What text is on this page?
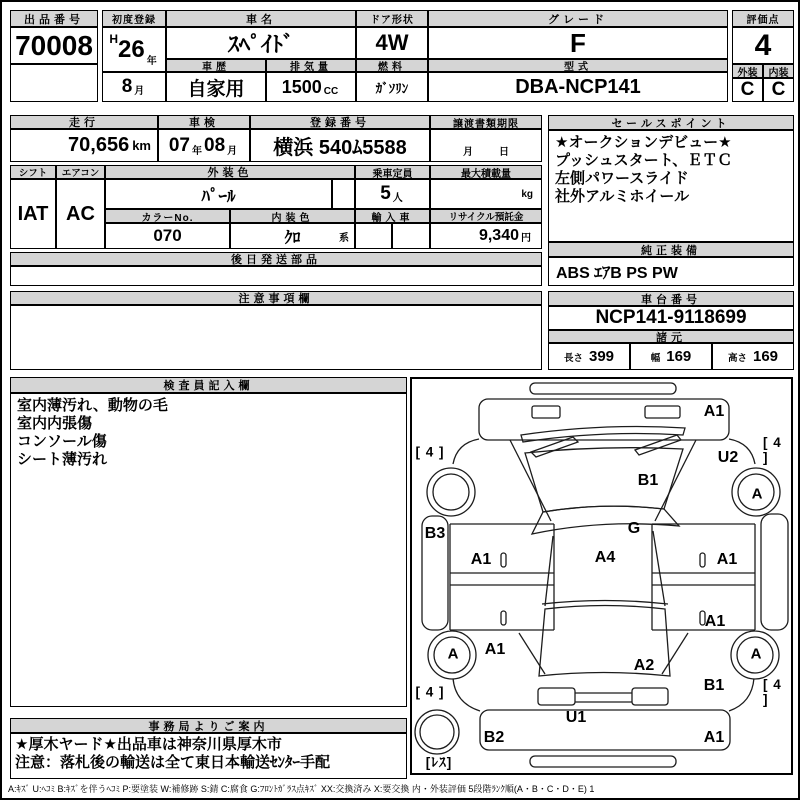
出品番号
70008
初度登録
H 26 年
8 月
車名
ｽﾍﾟｲﾄﾞ
車歴
自家用
排気量
1500 CC
ドア形状
4W
燃料
ｶﾞｿﾘﾝ
グレード
F
型式
DBA-NCP141
評価点
4
外装	内装
C C
走行
70,656 km
車検
07 年 08 月
登録番号
横浜 540ﾑ5588
譲渡書類期限
月	日
シフト
IAT
エアコン
AC
外装色
ﾊﾟｰﾙ
乗車定員
5 人
最大積載量
kg
カラーNo.
070
内装色
ｸﾛ	系
輸入車	リサイクル預託金
9,340 円
後日発送部品
注意事項欄
セールスポイント
★オークションデビュー★
プッシュスタート、ＥＴＣ
左側パワースライド
社外アルミホイール
純正装備
ABS ｴｱB PS PW
車台番号
NCP141-9118699
諸元
長さ 399	幅 169	高さ 169
検査員記入欄
室内薄汚れ、動物の毛
室内内張傷
コンソール傷
シート薄汚れ
事務局よりご案内
★厚木ヤード★出品車は神奈川県厚木市
注意：落札後の輸送は全て東日本輸送ｾﾝﾀｰ手配
A1
[ 4 ]
[ 4 ]
U2
A
B1
B3	G
A1	A4	A1
A1
A	A
A1
A2
B1
[ 4 ]	[ 4 ]
U1
B2	A1
[ﾚｽ]
A:ｷｽﾞ U:ﾍｺﾐ B:ｷｽﾞを伴うﾍｺﾐ P:要塗装 W:補修跡 S:錆 C:腐食 G:ﾌﾛﾝﾄｶﾞﾗｽ点ｷｽﾞ XX:交換済み X:要交換 内・外装評価 5段階ﾗﾝｸ順(A・B・C・D・E) 1
